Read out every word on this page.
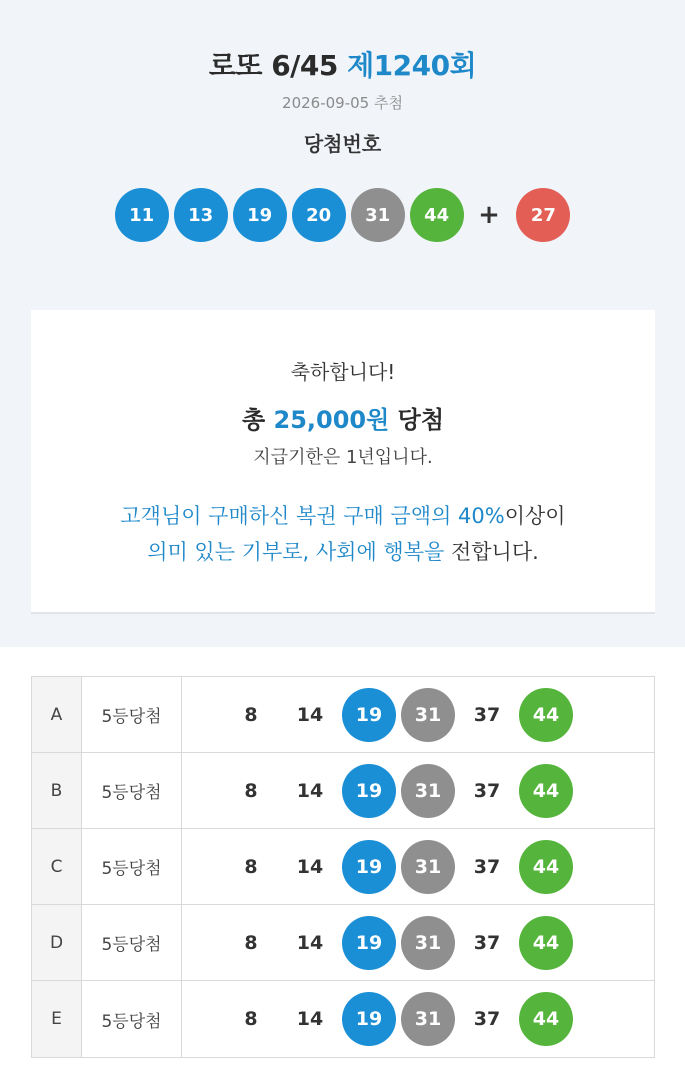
로또 6/45 제1240회
2026-09-05 추첨
당첨번호
11	13	19	20	31	44	+	27
축하합니다!
총 25,000원 당첨
지급기한은 1년입니다.
고객님이 구매하신 복권 구매 금액의 40%이상이
의미 있는 기부로, 사회에 행복을 전합니다.
A	5등당첨	8	14	19	31	37	44
B	5등당첨	8	14	19	31	37	44
C	5등당첨	8	14	19	31	37	44
D	5등당첨	8	14	19	31	37	44
E	5등당첨	8	14	19	31	37	44
